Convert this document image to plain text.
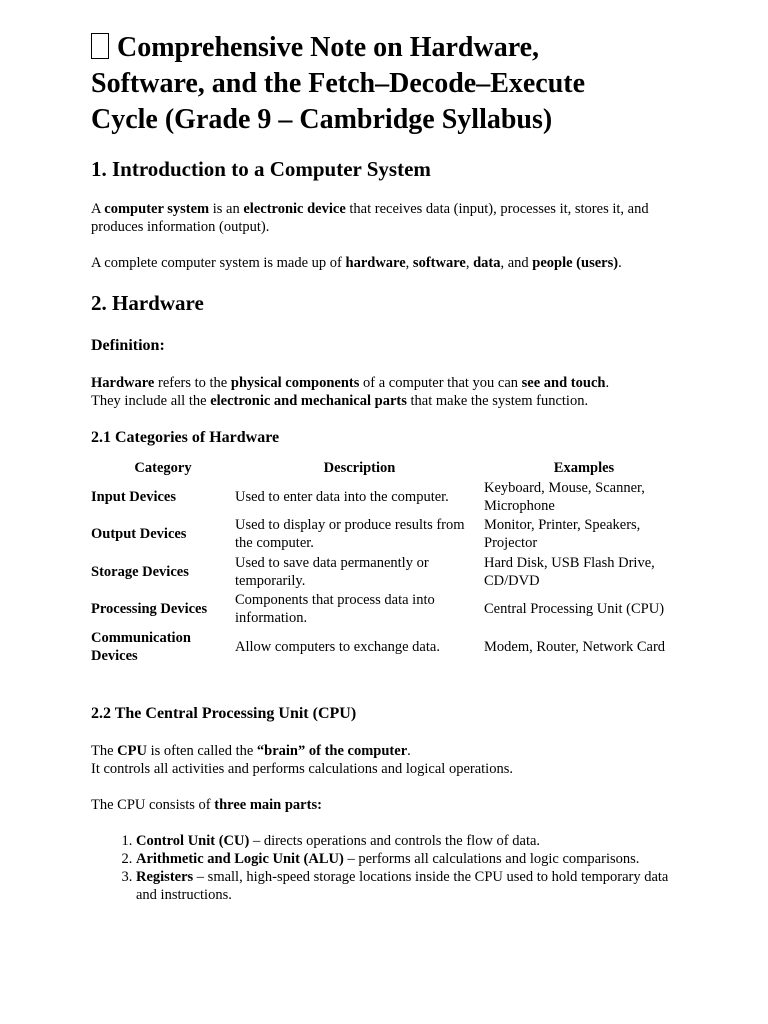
Comprehensive Note on Hardware,
Software, and the Fetch–Decode–Execute
Cycle (Grade 9 – Cambridge Syllabus)
1. Introduction to a Computer System

A computer system is an electronic device that receives data (input), processes it, stores it, and produces information (output).

A complete computer system is made up of hardware, software, data, and people (users).

2. Hardware
Definition:

Hardware refers to the physical components of a computer that you can see and touch.
They include all the electronic and mechanical parts that make the system function.

2.1 Categories of Hardware
Category	Description	Examples
Input Devices	Used to enter data into the computer.	Keyboard, Mouse, Scanner, Microphone
Output Devices	Used to display or produce results from the computer.	Monitor, Printer, Speakers, Projector
Storage Devices	Used to save data permanently or temporarily.	Hard Disk, USB Flash Drive, CD/DVD
Processing Devices	Components that process data into information.	Central Processing Unit (CPU)
Communication Devices	Allow computers to exchange data.	Modem, Router, Network Card
2.2 The Central Processing Unit (CPU)

The CPU is often called the “brain” of the computer.
It controls all activities and performs calculations and logical operations.

The CPU consists of three main parts:

1. Control Unit (CU) – directs operations and controls the flow of data.
2. Arithmetic and Logic Unit (ALU) – performs all calculations and logic comparisons.
3. Registers – small, high-speed storage locations inside the CPU used to hold temporary data and instructions.
